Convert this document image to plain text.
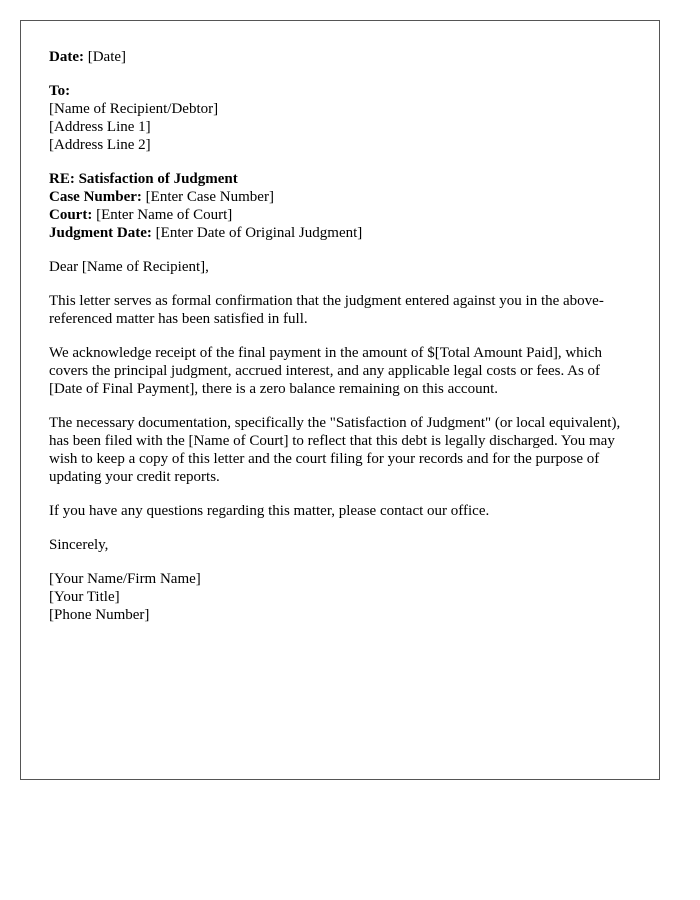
Date: [Date]
To:
[Name of Recipient/Debtor]
[Address Line 1]
[Address Line 2]
RE: Satisfaction of Judgment
Case Number: [Enter Case Number]
Court: [Enter Name of Court]
Judgment Date: [Enter Date of Original Judgment]

Dear [Name of Recipient],

This letter serves as formal confirmation that the judgment entered against you in the above-referenced matter has been satisfied in full.

We acknowledge receipt of the final payment in the amount of $[Total Amount Paid], which covers the principal judgment, accrued interest, and any applicable legal costs or fees. As of [Date of Final Payment], there is a zero balance remaining on this account.

The necessary documentation, specifically the "Satisfaction of Judgment" (or local equivalent), has been filed with the [Name of Court] to reflect that this debt is legally discharged. You may wish to keep a copy of this letter and the court filing for your records and for the purpose of updating your credit reports.

If you have any questions regarding this matter, please contact our office.

Sincerely,

[Your Name/Firm Name]
[Your Title]
[Phone Number]
